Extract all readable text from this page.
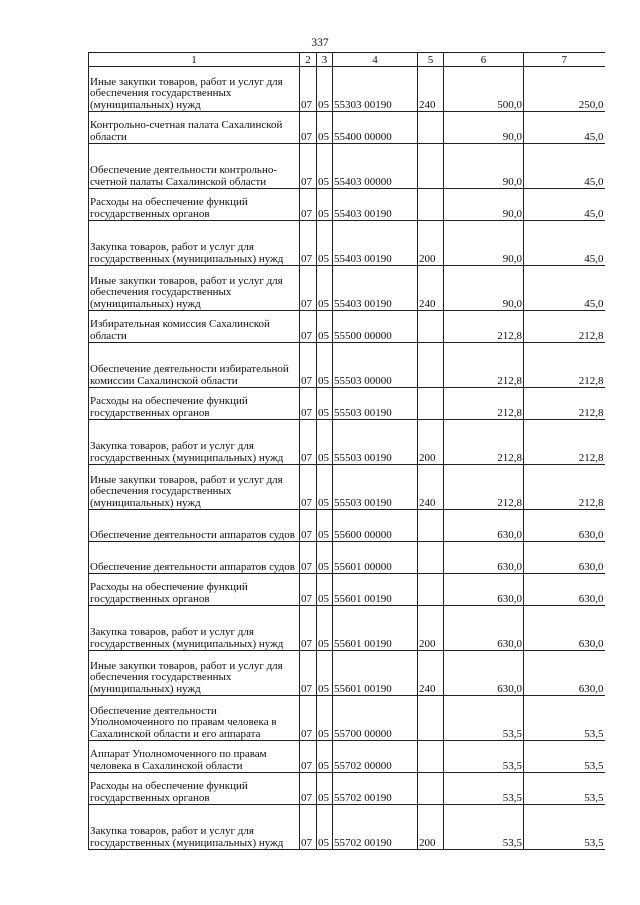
337
1	2	3	4	5	6	7
Иные закупки товаров, работ и услуг для обеспечения государственных (муниципальных) нужд	07	05	55303 00190	240	500,0	250,0
Контрольно-счетная палата Сахалинской области	07	05	55400 00000		90,0	45,0
Обеспечение деятельности контрольно-счетной палаты Сахалинской области	07	05	55403 00000		90,0	45,0
Расходы на обеспечение функций государственных органов	07	05	55403 00190		90,0	45,0
Закупка товаров, работ и услуг для государственных (муниципальных) нужд	07	05	55403 00190	200	90,0	45,0
Иные закупки товаров, работ и услуг для обеспечения государственных (муниципальных) нужд	07	05	55403 00190	240	90,0	45,0
Избирательная комиссия Сахалинской области	07	05	55500 00000		212,8	212,8
Обеспечение деятельности избирательной комиссии Сахалинской области	07	05	55503 00000		212,8	212,8
Расходы на обеспечение функций государственных органов	07	05	55503 00190		212,8	212,8
Закупка товаров, работ и услуг для государственных (муниципальных) нужд	07	05	55503 00190	200	212,8	212,8
Иные закупки товаров, работ и услуг для обеспечения государственных (муниципальных) нужд	07	05	55503 00190	240	212,8	212,8
Обеспечение деятельности аппаратов судов	07	05	55600 00000		630,0	630,0
Обеспечение деятельности аппаратов судов	07	05	55601 00000		630,0	630,0
Расходы на обеспечение функций государственных органов	07	05	55601 00190		630,0	630,0
Закупка товаров, работ и услуг для государственных (муниципальных) нужд	07	05	55601 00190	200	630,0	630,0
Иные закупки товаров, работ и услуг для обеспечения государственных (муниципальных) нужд	07	05	55601 00190	240	630,0	630,0
Обеспечение деятельности Уполномоченного по правам человека в Сахалинской области и его аппарата	07	05	55700 00000		53,5	53,5
Аппарат Уполномоченного по правам человека в Сахалинской области	07	05	55702 00000		53,5	53,5
Расходы на обеспечение функций государственных органов	07	05	55702 00190		53,5	53,5
Закупка товаров, работ и услуг для государственных (муниципальных) нужд	07	05	55702 00190	200	53,5	53,5
